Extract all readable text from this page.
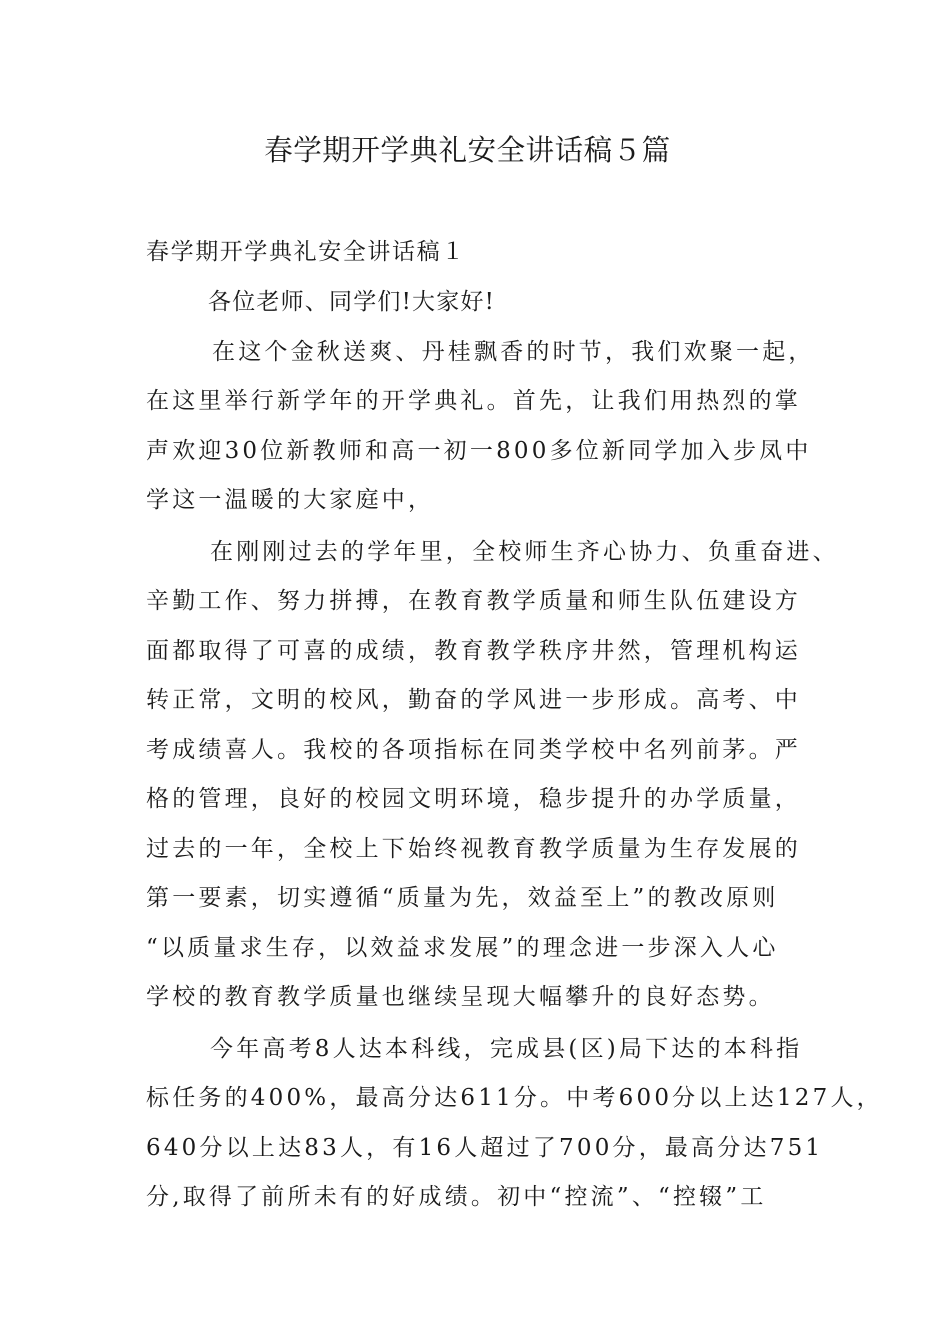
春学期开学典礼安全讲话稿５篇
春学期开学典礼安全讲话稿１
各位老师、同学们!大家好!
在这个金秋送爽、丹桂飘香的时节，我们欢聚一起，
在这里举行新学年的开学典礼。首先，让我们用热烈的掌
声欢迎30位新教师和高一初一800多位新同学加入步凤中
学这一温暖的大家庭中，
在刚刚过去的学年里，全校师生齐心协力、负重奋进、
辛勤工作、努力拼搏，在教育教学质量和师生队伍建设方
面都取得了可喜的成绩，教育教学秩序井然，管理机构运
转正常，文明的校风，勤奋的学风进一步形成。高考、中
考成绩喜人。我校的各项指标在同类学校中名列前茅。严
格的管理，良好的校园文明环境，稳步提升的办学质量，
过去的一年，全校上下始终视教育教学质量为生存发展的
第一要素，切实遵循“质量为先，效益至上”的教改原则
“以质量求生存，以效益求发展”的理念进一步深入人心
学校的教育教学质量也继续呈现大幅攀升的良好态势。
今年高考8人达本科线，完成县(区)局下达的本科指
标任务的400%，最高分达611分。中考600分以上达127人，
640分以上达83人，有16人超过了700分，最高分达751
分,取得了前所未有的好成绩。初中“控流”、“控辍”工
